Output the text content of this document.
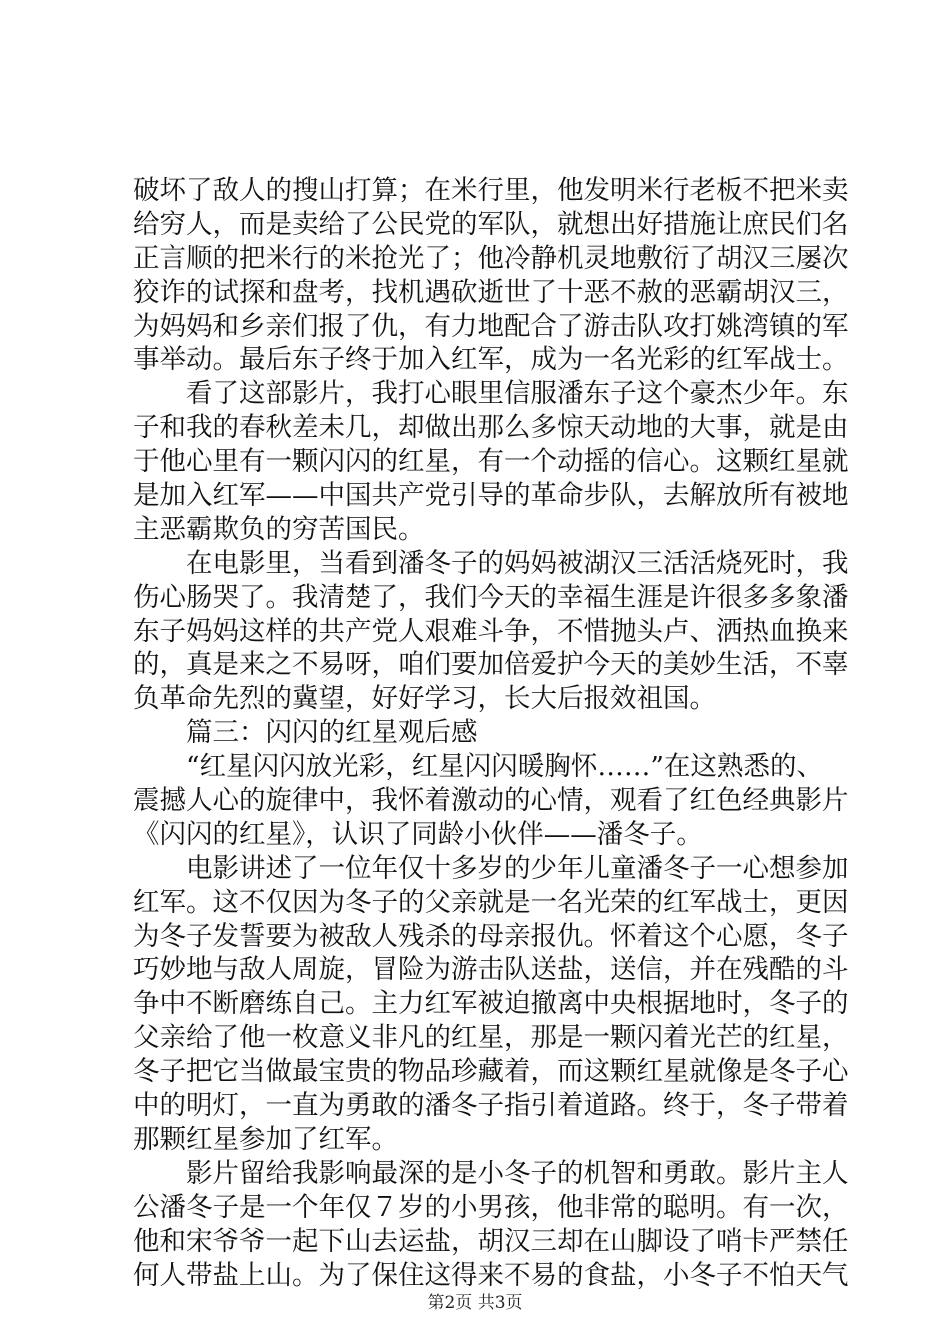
破坏了敌人的搜山打算；在米行里，他发明米行老板不把米卖
给穷人，而是卖给了公民党的军队，就想出好措施让庶民们名
正言顺的把米行的米抢光了；他冷静机灵地敷衍了胡汉三屡次
狡诈的试探和盘考，找机遇砍逝世了十恶不赦的恶霸胡汉三，
为妈妈和乡亲们报了仇，有力地配合了游击队攻打姚湾镇的军
事举动。最后东子终于加入红军，成为一名光彩的红军战士。
看了这部影片，我打心眼里信服潘东子这个豪杰少年。东
子和我的春秋差未几，却做出那么多惊天动地的大事，就是由
于他心里有一颗闪闪的红星，有一个动摇的信心。这颗红星就
是加入红军——中国共产党引导的革命步队，去解放所有被地
主恶霸欺负的穷苦国民。
在电影里，当看到潘冬子的妈妈被湖汉三活活烧死时，我
伤心肠哭了。我清楚了，我们今天的幸福生涯是许很多多象潘
东子妈妈这样的共产党人艰难斗争，不惜抛头卢、洒热血换来
的，真是来之不易呀，咱们要加倍爱护今天的美妙生活，不辜
负革命先烈的冀望，好好学习，长大后报效祖国。
篇三：闪闪的红星观后感
“红星闪闪放光彩，红星闪闪暖胸怀……”在这熟悉的、
震撼人心的旋律中，我怀着激动的心情，观看了红色经典影片
《闪闪的红星》，认识了同龄小伙伴——潘冬子。
电影讲述了一位年仅十多岁的少年儿童潘冬子一心想参加
红军。这不仅因为冬子的父亲就是一名光荣的红军战士，更因
为冬子发誓要为被敌人残杀的母亲报仇。怀着这个心愿，冬子
巧妙地与敌人周旋，冒险为游击队送盐，送信，并在残酷的斗
争中不断磨练自己。主力红军被迫撤离中央根据地时，冬子的
父亲给了他一枚意义非凡的红星，那是一颗闪着光芒的红星，
冬子把它当做最宝贵的物品珍藏着，而这颗红星就像是冬子心
中的明灯，一直为勇敢的潘冬子指引着道路。终于，冬子带着
那颗红星参加了红军。
影片留给我影响最深的是小冬子的机智和勇敢。影片主人
公潘冬子是一个年仅７岁的小男孩，他非常的聪明。有一次，
他和宋爷爷一起下山去运盐，胡汉三却在山脚设了哨卡严禁任
何人带盐上山。为了保住这得来不易的食盐，小冬子不怕天气
第2页 共3页
